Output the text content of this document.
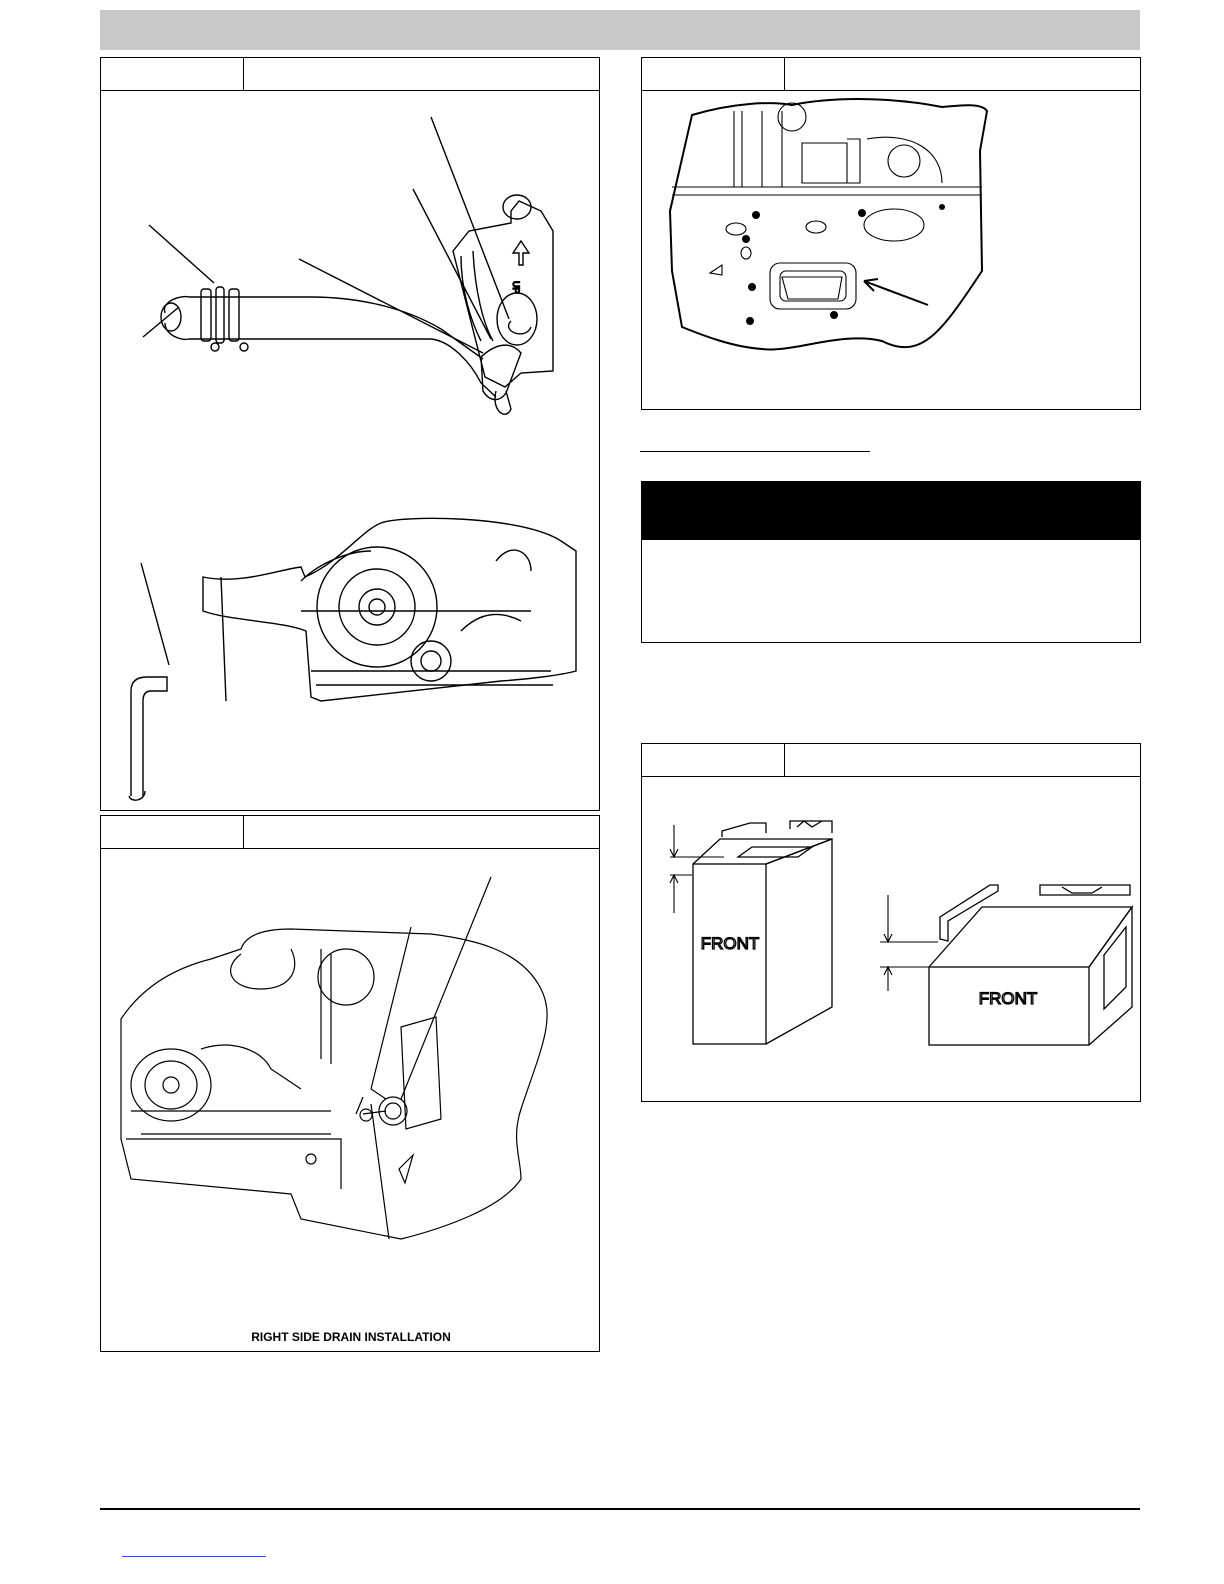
UP
RIGHT SIDE DRAIN INSTALLATION
FRONT
FRONT
